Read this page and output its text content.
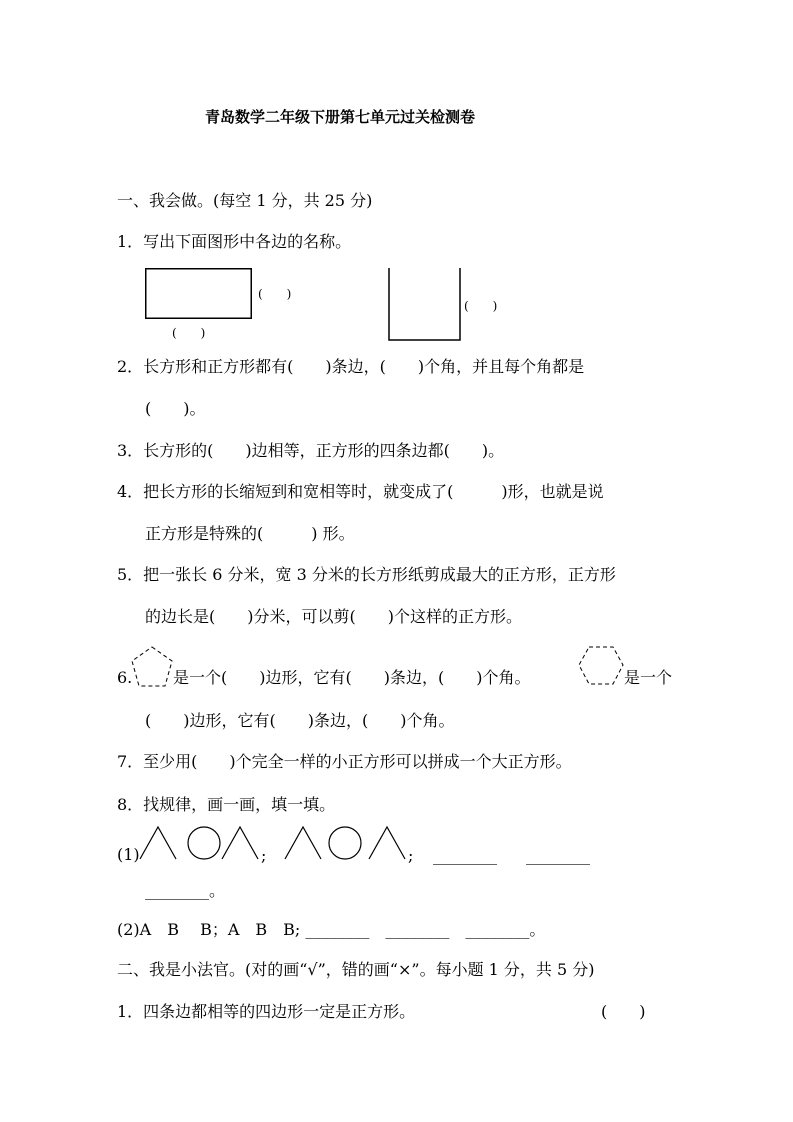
青岛数学二年级下册第七单元过关检测卷
一、我会做。(每空 1 分，共 25 分)
1．写出下面图形中各边的名称。
(　　)
(　　)
(　　)
2．长方形和正方形都有(　　)条边，(　　)个角，并且每个角都是
(　　)。
3．长方形的(　　)边相等，正方形的四条边都(　　)。
4．把长方形的长缩短到和宽相等时，就变成了(　　　)形，也就是说
正方形是特殊的(　　　) 形。
5．把一张长 6 分米，宽 3 分米的长方形纸剪成最大的正方形，正方形
的边长是(　　)分米，可以剪(　　)个这样的正方形。
6.	是一个(　　)边形，它有(　　)条边，(　　)个角。	是一个
(　　)边形，它有(　　)条边，(　　)个角。
7．至少用(　　)个完全一样的小正方形可以拼成一个大正方形。
8．找规律，画一画，填一填。
(1)	;	; ________ ________
________。
(2)A　B　 B；A　B　B; ________　________　________。
二、我是小法官。(对的画“√”，错的画“×”。每小题 1 分，共 5 分)
1．四条边都相等的四边形一定是正方形。	(　　)
